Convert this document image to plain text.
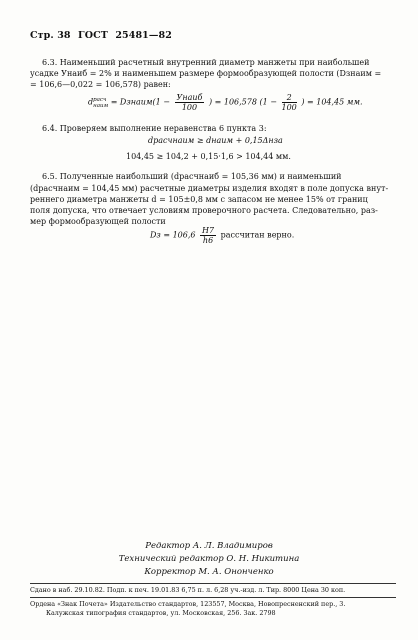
Стр. 38 ГОСТ 25481—82
6.3. Наименьший расчетный внутренний диаметр манжеты при наибольшей
усадке Унаиб = 2% и наименьшем размере формообразующей полости (Dзнаим =
= 106,6—0,022 = 106,578) равен:
d расч
наим = Dзнаим(1 − $\frac{\text{Унаиб}}{100}$ ) = 106,578 ($1 - \frac{2}{100}$ ) = 104,45 мм.
6.4. Проверяем выполнение неравенства 6 пункта 3:
dрасчнаим ≥ dнаим + 0,15Δнза
104,45 ≥ 104,2 + 0,15·1,6 > 104,44 мм.
6.5. Полученные наибольший (dрасчнаиб = 105,36 мм) и наименьший
(dрасчнаим = 104,45 мм) расчетные диаметры изделия входят в поле допуска внут-
реннего диаметра манжеты d = 105±0,8 мм с запасом не менее 15% от границ
поля допуска, что отвечает условиям проверочного расчета. Следовательно, раз-
мер формообразующей полости
Dз = $106,6 \frac{H7}{h6}$ рассчитан верно.
Редактор А. Л. Владимиров
Технический редактор О. Н. Никитина
Корректор М. А. Ононченко
Сдано в наб. 29.10.82. Подп. к печ. 19.01.83 6,75 п. л. 6,28 уч.-изд. л. Тир. 8000 Цена 30 коп.
Ордена «Знак Почета» Издательство стандартов, 123557, Москва, Новопресненский пер., 3.
Калужская типография стандартов, ул. Московская, 256. Зак. 2798
